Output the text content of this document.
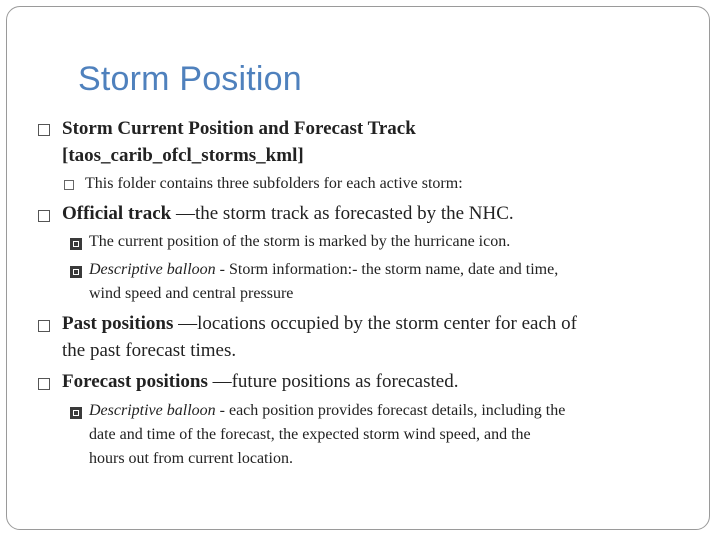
Storm Position
Storm Current Position and Forecast Track
[taos_carib_ofcl_storms_kml]
This folder contains three subfolders for each active storm:
Official track —the storm track as forecasted by the NHC.
The current position of the storm is marked by the hurricane icon.
Descriptive balloon - Storm information:- the storm name, date and time,
wind speed and central pressure
Past positions —locations occupied by the storm center for each of
the past forecast times.
Forecast positions —future positions as forecasted.
Descriptive balloon - each position provides forecast details, including the
date and time of the forecast, the expected storm wind speed, and the
hours out from current location.
